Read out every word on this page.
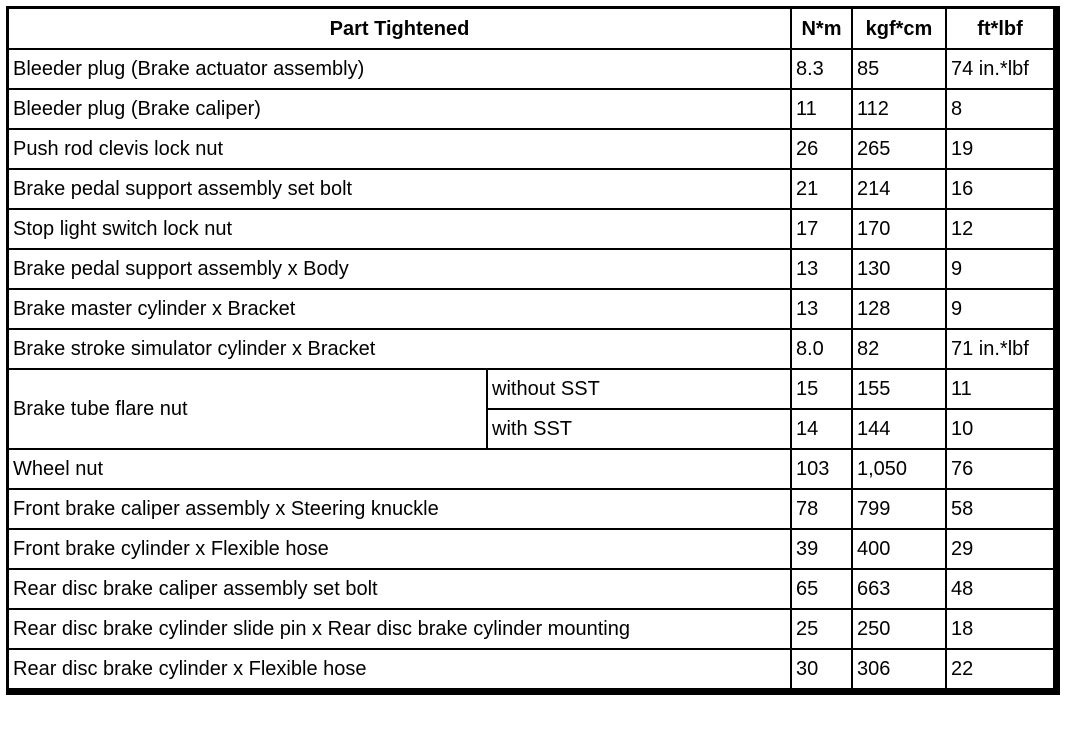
Part Tightened		N*m	kgf*cm	ft*lbf
Bleeder plug (Brake actuator assembly)		8.3	85	74 in.*lbf
Bleeder plug (Brake caliper)		11	112	8
Push rod clevis lock nut		26	265	19
Brake pedal support assembly set bolt		21	214	16
Stop light switch lock nut		17	170	12
Brake pedal support assembly x Body		13	130	9
Brake master cylinder x Bracket		13	128	9
Brake stroke simulator cylinder x Bracket		8.0	82	71 in.*lbf
Brake tube flare nut	without SST	15	155	11
	with SST	14	144	10
Wheel nut		103	1,050	76
Front brake caliper assembly x Steering knuckle		78	799	58
Front brake cylinder x Flexible hose		39	400	29
Rear disc brake caliper assembly set bolt		65	663	48
Rear disc brake cylinder slide pin x Rear disc brake cylinder mounting		25	250	18
Rear disc brake cylinder x Flexible hose		30	306	22
